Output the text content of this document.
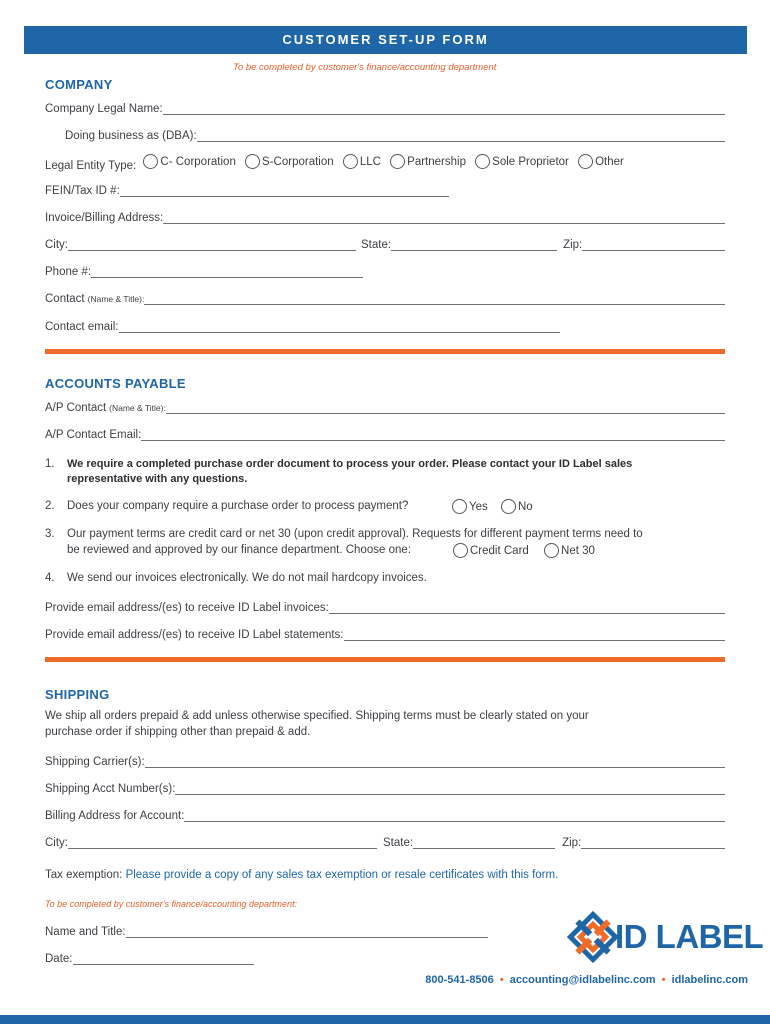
CUSTOMER SET-UP FORM
To be completed by customer's finance/accounting department
COMPANY
Company Legal Name:
Doing business as (DBA):
Legal Entity Type: C- Corporation
S-Corporation
LLC
Partnership
Sole Proprietor
Other
FEIN/Tax ID #:
Invoice/Billing Address:
City:	State:	Zip:
Phone #:
Contact (Name & Title):
Contact email:
ACCOUNTS PAYABLE
A/P Contact (Name & Title):
A/P Contact Email:
1. We require a completed purchase order document to process your order. Please contact your ID Label sales
representative with any questions.
2. Does your company require a purchase order to process payment?	Yes
	No
3. Our payment terms are credit card or net 30 (upon credit approval). Requests for different payment terms need to
be reviewed and approved by our finance department. Choose one:	Credit Card
	Net 30
4. We send our invoices electronically. We do not mail hardcopy invoices.
Provide email address/(es) to receive ID Label invoices:
Provide email address/(es) to receive ID Label statements:
SHIPPING
We ship all orders prepaid & add unless otherwise specified. Shipping terms must be clearly stated on your
purchase order if shipping other than prepaid & add.
Shipping Carrier(s):
Shipping Acct Number(s):
Billing Address for Account:
City:	State:	Zip:
Tax exemption: Please provide a copy of any sales tax exemption or resale certificates with this form.
To be completed by customer's finance/accounting department:
Name and Title:
Date:
ID LABEL
800-541-8506 • accounting@idlabelinc.com • idlabelinc.com
